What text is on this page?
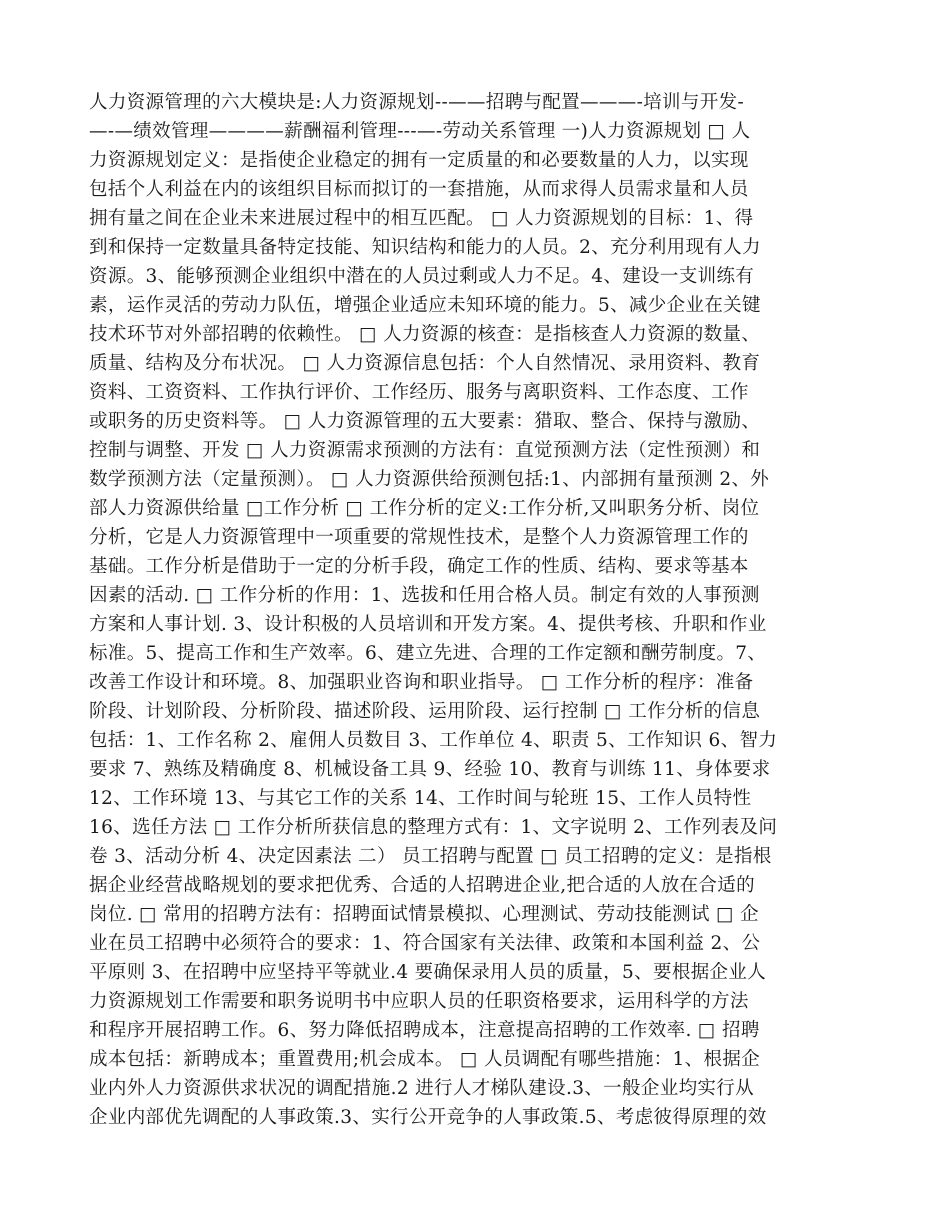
人力资源管理的六大模块是:人力资源规划--——招聘与配置———-培训与开发-
—-—绩效管理————薪酬福利管理---—-劳动关系管理 一)人力资源规划 □ 人
力资源规划定义：是指使企业稳定的拥有一定质量的和必要数量的人力，以实现
包括个人利益在内的该组织目标而拟订的一套措施，从而求得人员需求量和人员
拥有量之间在企业未来进展过程中的相互匹配。 □ 人力资源规划的目标：1、得
到和保持一定数量具备特定技能、知识结构和能力的人员。2、充分利用现有人力
资源。3、能够预测企业组织中潜在的人员过剩或人力不足。4、建设一支训练有
素，运作灵活的劳动力队伍，增强企业适应未知环境的能力。5、减少企业在关键
技术环节对外部招聘的依赖性。 □ 人力资源的核查：是指核查人力资源的数量、
质量、结构及分布状况。 □ 人力资源信息包括：个人自然情况、录用资料、教育
资料、工资资料、工作执行评价、工作经历、服务与离职资料、工作态度、工作
或职务的历史资料等。 □ 人力资源管理的五大要素：猎取、整合、保持与激励、
控制与调整、开发 □ 人力资源需求预测的方法有：直觉预测方法（定性预测）和
数学预测方法（定量预测）。 □ 人力资源供给预测包括:1、内部拥有量预测 2、外
部人力资源供给量 □工作分析 □ 工作分析的定义:工作分析,又叫职务分析、岗位
分析，它是人力资源管理中一项重要的常规性技术，是整个人力资源管理工作的
基础。工作分析是借助于一定的分析手段，确定工作的性质、结构、要求等基本
因素的活动. □ 工作分析的作用：1、选拔和任用合格人员。制定有效的人事预测
方案和人事计划. 3、设计积极的人员培训和开发方案。4、提供考核、升职和作业
标准。5、提高工作和生产效率。6、建立先进、合理的工作定额和酬劳制度。7、
改善工作设计和环境。8、加强职业咨询和职业指导。 □ 工作分析的程序：准备
阶段、计划阶段、分析阶段、描述阶段、运用阶段、运行控制 □ 工作分析的信息
包括：1、工作名称 2、雇佣人员数目 3、工作单位 4、职责 5、工作知识 6、智力
要求 7、熟练及精确度 8、机械设备工具 9、经验 10、教育与训练 11、身体要求
12、工作环境 13、与其它工作的关系 14、工作时间与轮班 15、工作人员特性
16、选任方法 □ 工作分析所获信息的整理方式有：1、文字说明 2、工作列表及问
卷 3、活动分析 4、决定因素法 二） 员工招聘与配置 □ 员工招聘的定义：是指根
据企业经营战略规划的要求把优秀、合适的人招聘进企业,把合适的人放在合适的
岗位. □ 常用的招聘方法有：招聘面试情景模拟、心理测试、劳动技能测试 □ 企
业在员工招聘中必须符合的要求：1、符合国家有关法律、政策和本国利益 2、公
平原则 3、在招聘中应坚持平等就业.4 要确保录用人员的质量，5、要根据企业人
力资源规划工作需要和职务说明书中应职人员的任职资格要求，运用科学的方法
和程序开展招聘工作。6、努力降低招聘成本，注意提高招聘的工作效率. □ 招聘
成本包括：新聘成本；重置费用;机会成本。 □ 人员调配有哪些措施：1、根据企
业内外人力资源供求状况的调配措施.2 进行人才梯队建设.3、一般企业均实行从
企业内部优先调配的人事政策.3、实行公开竞争的人事政策.5、考虑彼得原理的效
